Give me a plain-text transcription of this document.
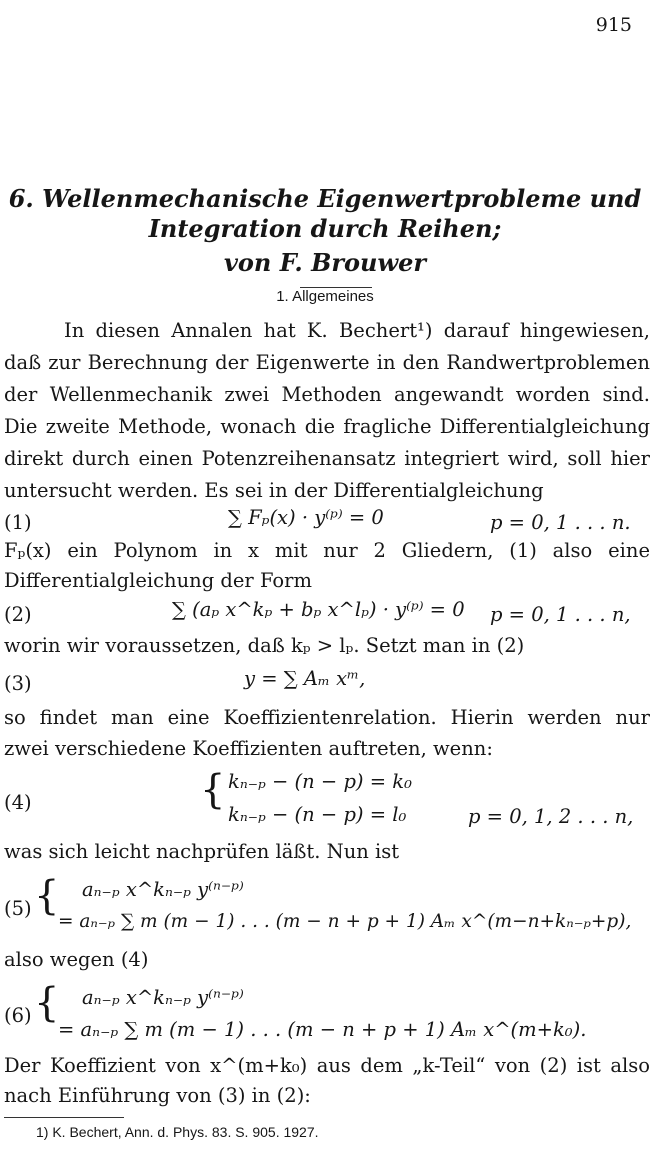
915
6. Wellenmechanische Eigenwertprobleme und
Integration durch Reihen;
von F. Brouwer
1. Allgemeines
In diesen Annalen hat K. Bechert¹) darauf hingewiesen,
daß zur Berechnung der Eigenwerte in den Randwertproblemen
der Wellenmechanik zwei Methoden angewandt worden sind.
Die zweite Methode, wonach die fragliche Differentialgleichung
direkt durch einen Potenzreihenansatz integriert wird, soll hier
untersucht werden. Es sei in der Differentialgleichung
(1)	∑ Fₚ(x) · y⁽ᵖ⁾ = 0	p = 0, 1 . . . n.
Fₚ(x) ein Polynom in x mit nur 2 Gliedern, (1) also eine
Differentialgleichung der Form
(2)	∑ (aₚ x^kₚ + bₚ x^lₚ) · y⁽ᵖ⁾ = 0 p = 0, 1 . . . n,
worin wir voraussetzen, daß kₚ > lₚ. Setzt man in (2)
(3)	y = ∑ Aₘ xᵐ,
so findet man eine Koeffizientenrelation. Hierin werden nur
zwei verschiedene Koeffizienten auftreten, wenn:
(4)	{ kₙ₋ₚ − (n − p) = k₀
kₙ₋ₚ − (n − p) = l₀	p = 0, 1, 2 . . . n,
was sich leicht nachprüfen läßt. Nun ist
(5) { aₙ₋ₚ x^kₙ₋ₚ y⁽ⁿ⁻ᵖ⁾
= aₙ₋ₚ ∑ m (m − 1) . . . (m − n + p + 1) Aₘ x^(m−n+kₙ₋ₚ+p),
also wegen (4)
(6) { aₙ₋ₚ x^kₙ₋ₚ y⁽ⁿ⁻ᵖ⁾
= aₙ₋ₚ ∑ m (m − 1) . . . (m − n + p + 1) Aₘ x^(m+k₀).
Der Koeffizient von x^(m+k₀) aus dem „k-Teil“ von (2) ist also
nach Einführung von (3) in (2):
1) K. Bechert, Ann. d. Phys. 83. S. 905. 1927.
